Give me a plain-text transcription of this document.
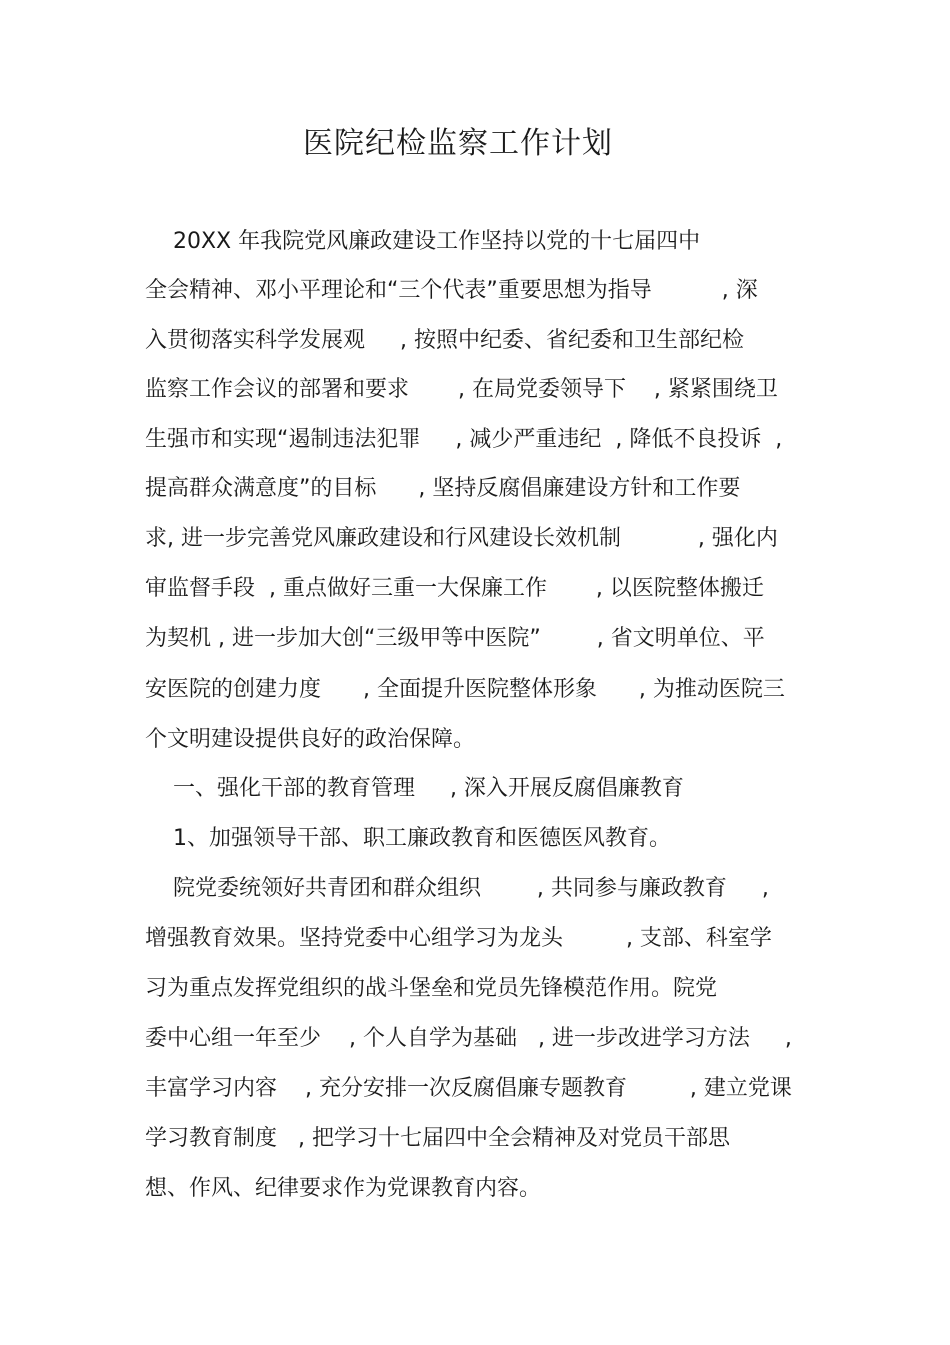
医院纪检监察工作计划
20XX 年我院党风廉政建设工作坚持以党的十七届四中
全会精神、邓小平理论和“三个代表”重要思想为指导          , 深
入贯彻落实科学发展观     , 按照中纪委、省纪委和卫生部纪检
监察工作会议的部署和要求       , 在局党委领导下    , 紧紧围绕卫
生强市和实现“遏制违法犯罪     , 减少严重违纪  , 降低不良投诉  ,
提高群众满意度”的目标      , 坚持反腐倡廉建设方针和工作要
求, 进一步完善党风廉政建设和行风建设长效机制           , 强化内
审监督手段  , 重点做好三重一大保廉工作       , 以医院整体搬迁
为契机 , 进一步加大创“三级甲等中医院”        , 省文明单位、平
安医院的创建力度      , 全面提升医院整体形象      , 为推动医院三
个文明建设提供良好的政治保障。
一、强化干部的教育管理     , 深入开展反腐倡廉教育
1、加强领导干部、职工廉政教育和医德医风教育。
院党委统领好共青团和群众组织        , 共同参与廉政教育     ,
增强教育效果。坚持党委中心组学习为龙头         , 支部、科室学
习为重点发挥党组织的战斗堡垒和党员先锋模范作用。院党
委中心组一年至少    , 个人自学为基础   , 进一步改进学习方法     ,
丰富学习内容    , 充分安排一次反腐倡廉专题教育         , 建立党课
学习教育制度   , 把学习十七届四中全会精神及对党员干部思
想、作风、纪律要求作为党课教育内容。
